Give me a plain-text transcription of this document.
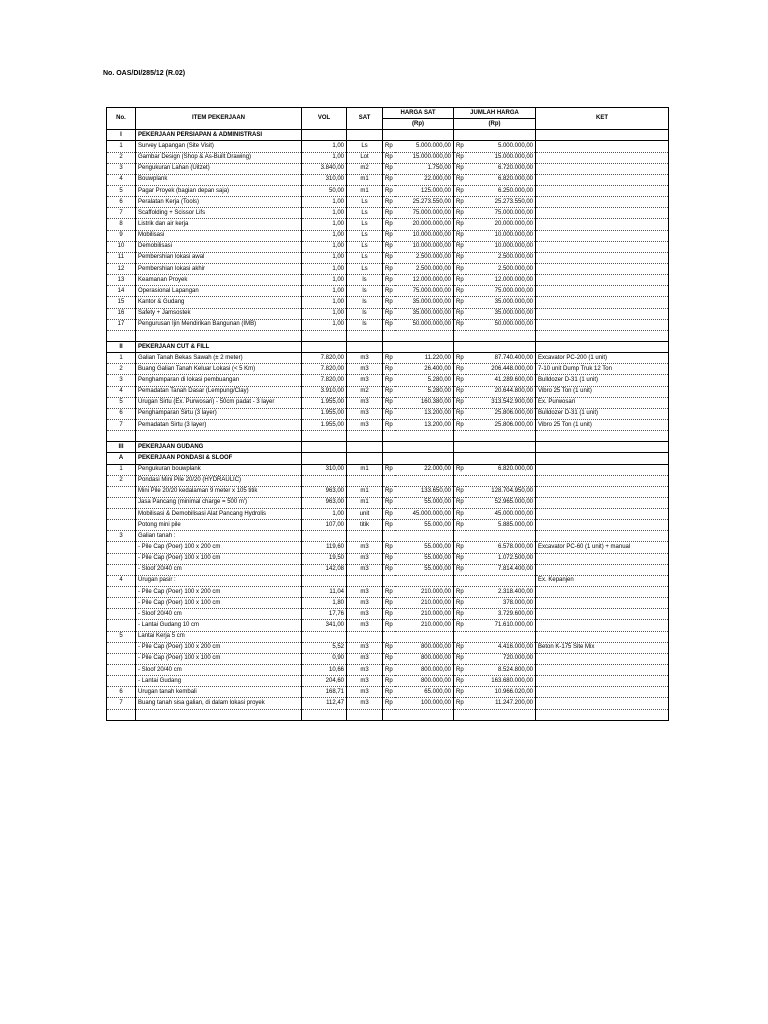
No. OAS/DI/285/12 (R.02)
No.	ITEM PEKERJAAN	VOL	SAT	HARGA SAT		JUMLAH HARGA		KET
				(Rp)		(Rp)		
I	PEKERJAAN PERSIAPAN & ADMINISTRASI							
1	Survey Lapangan (Site Visit)	1,00	Ls	Rp	5.000.000,00	Rp	5.000.000,00	
2	Gambar Design (Shop & As-Built Drawing)	1,00	Lot	Rp	15.000.000,00	Rp	15.000.000,00	
3	Pengukuran Lahan (Uitzet)	3.840,00	m2	Rp	1.750,00	Rp	6.720.000,00	
4	Bouwplank	310,00	m1	Rp	22.000,00	Rp	6.820.000,00	
5	Pagar Proyek (bagian depan saja)	50,00	m1	Rp	125.000,00	Rp	6.250.000,00	
6	Peralatan Kerja (Tools)	1,00	Ls	Rp	25.273.550,00	Rp	25.273.550,00	
7	Scaffolding + Scissor Lifs	1,00	Ls	Rp	75.000.000,00	Rp	75.000.000,00	
8	Listrik dan air kerja	1,00	Ls	Rp	20.000.000,00	Rp	20.000.000,00	
9	Mobilisasi	1,00	Ls	Rp	10.000.000,00	Rp	10.000.000,00	
10	Demobilisasi	1,00	Ls	Rp	10.000.000,00	Rp	10.000.000,00	
11	Pembershian lokasi awal	1,00	Ls	Rp	2.500.000,00	Rp	2.500.000,00	
12	Pembershian lokasi akhir	1,00	Ls	Rp	2.500.000,00	Rp	2.500.000,00	
13	Keamanan Proyek	1,00	ls	Rp	12.000.000,00	Rp	12.000.000,00	
14	Operasional Lapangan	1,00	ls	Rp	75.000.000,00	Rp	75.000.000,00	
15	Kantor & Gudang	1,00	ls	Rp	35.000.000,00	Rp	35.000.000,00	
16	Safety + Jamsostek	1,00	ls	Rp	35.000.000,00	Rp	35.000.000,00	
17	Pengurusan Ijin Mendirikan Bangunan (IMB)	1,00	ls	Rp	50.000.000,00	Rp	50.000.000,00	

II	PEKERJAAN CUT & FILL							
1	Galian Tanah Bekas Sawah (± 2 meter)	7.820,00	m3	Rp	11.220,00	Rp	87.740.400,00	Excavator PC-200 (1 unit)
2	Buang Galian Tanah Keluar Lokasi (< 5 Km)	7.820,00	m3	Rp	26.400,00	Rp	206.448.000,00	7-10 unit Dump Truk 12 Ton
3	Penghamparan di lokasi pembuangan	7.820,00	m3	Rp	5.280,00	Rp	41.289.600,00	Bulldozer D-31 (1 unit)
4	Pemadatan Tanah Dasar (Lempung/Clay)	3.910,00	m2	Rp	5.280,00	Rp	20.644.800,00	Vibro 25 Ton (1 unit)
5	Urugan Sirtu (Ex. Purwosari) - 50cm padat - 3 layer	1.955,00	m3	Rp	160.380,00	Rp	313.542.900,00	Ex. Purwosari
6	Penghamparan Sirtu (3 layer)	1.955,00	m3	Rp	13.200,00	Rp	25.806.000,00	Bulldozer D-31 (1 unit)
7	Pemadatan Sirtu (3 layer)	1.955,00	m3	Rp	13.200,00	Rp	25.806.000,00	Vibro 25 Ton (1 unit)

III	PEKERJAAN GUDANG							
A	PEKERJAAN PONDASI & SLOOF							
1	Pengukuran bouwplank	310,00	m1	Rp	22.000,00	Rp	6.820.000,00	
2	Pondasi Mini Pile 20/20 (HYDRAULIC)							
	Mini Pile 20/20 kedalaman 9 meter x 105 titik	963,00	m1	Rp	133.650,00	Rp	128.704.950,00	
	Jasa Pancang (minimal charge = 500 m')	963,00	m1	Rp	55.000,00	Rp	52.965.000,00	
	Mobilisasi & Demobilisasi Alat Pancang Hydrolis	1,00	unit	Rp	45.000.000,00	Rp	45.000.000,00	
	Potong mini pile	107,00	titik	Rp	55.000,00	Rp	5.885.000,00	
3	Galian tanah :							
	- Pile Cap (Poer) 100 x 200 cm	119,60	m3	Rp	55.000,00	Rp	6.578.000,00	Excavator PC-60 (1 unit) + manual
	- Pile Cap (Poer) 100 x 100 cm	19,50	m3	Rp	55.000,00	Rp	1.072.500,00	
	- Sloof 20/40 cm	142,08	m3	Rp	55.000,00	Rp	7.814.400,00	
4	Urugan pasir :							Ex. Kepanjen
	- Pile Cap (Poer) 100 x 200 cm	11,04	m3	Rp	210.000,00	Rp	2.318.400,00	
	- Pile Cap (Poer) 100 x 100 cm	1,80	m3	Rp	210.000,00	Rp	378.000,00	
	- Sloof 20/40 cm	17,76	m3	Rp	210.000,00	Rp	3.729.600,00	
	- Lantai Gudang 10 cm	341,00	m3	Rp	210.000,00	Rp	71.610.000,00	
5	Lantai Kerja 5 cm							
	- Pile Cap (Poer) 100 x 200 cm	5,52	m3	Rp	800.000,00	Rp	4.416.000,00	Beton K-175 Site Mix
	- Pile Cap (Poer) 100 x 100 cm	0,90	m3	Rp	800.000,00	Rp	720.000,00	
	- Sloof 20/40 cm	10,66	m3	Rp	800.000,00	Rp	8.524.800,00	
	- Lantai Gudang	204,60	m3	Rp	800.000,00	Rp	163.680.000,00	
6	Urugan tanah kembali	168,71	m3	Rp	65.000,00	Rp	10.966.020,00	
7	Buang tanah sisa galian, di dalam lokasi proyek	112,47	m3	Rp	100.000,00	Rp	11.247.200,00	
